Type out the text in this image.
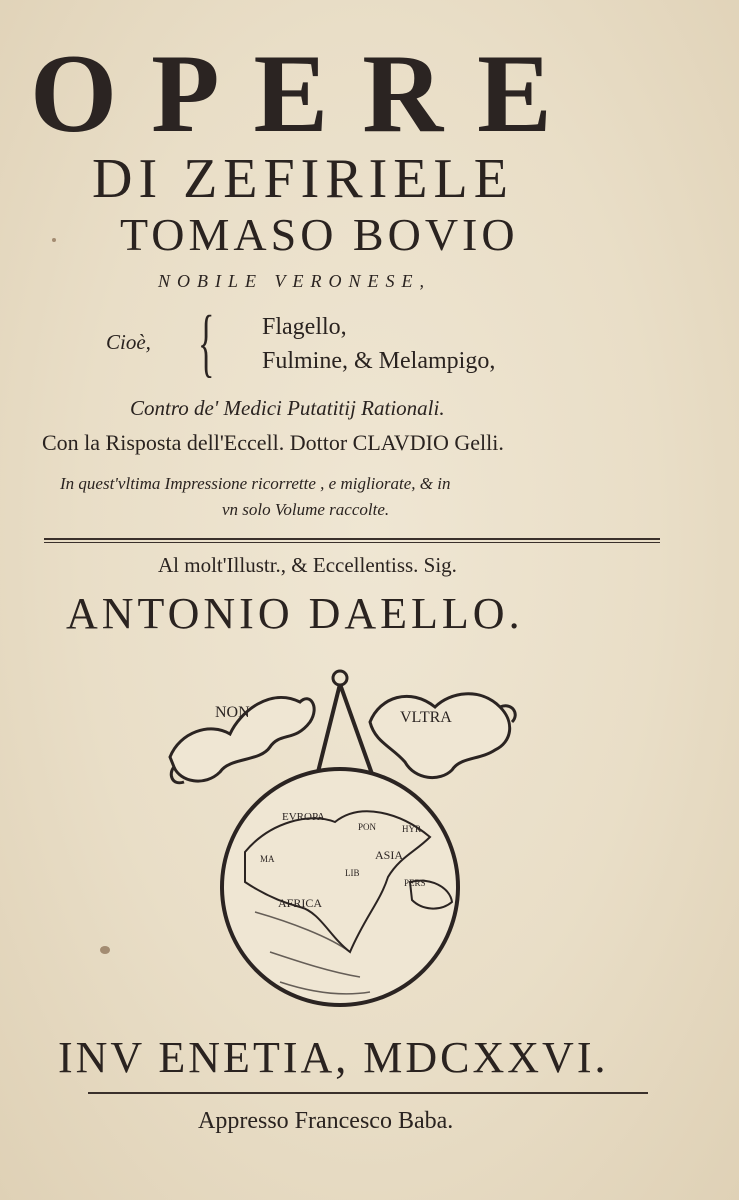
OPERE
DI ZEFIRIELE
TOMASO BOVIO
NOBILE VERONESE,
Cioè, { Flagello,
Fulmine, & Melampigo,
Contro de' Medici Putatitij Rationali.
Con la Risposta dell'Eccell. Dottor CLAVDIO Gelli.
In quest'vltima Impressione ricorrette , e migliorate, & in
vn solo Volume raccolte.
Al molt'Illustr., & Eccellentiss. Sig.
ANTONIO DAELLO.
NON	VLTRA
EVROPA
PON	HYR
ASIA
MA
LIB
PERS
AFRICA
INV ENETIA, MDCXXVI.
Appresso Francesco Baba.
